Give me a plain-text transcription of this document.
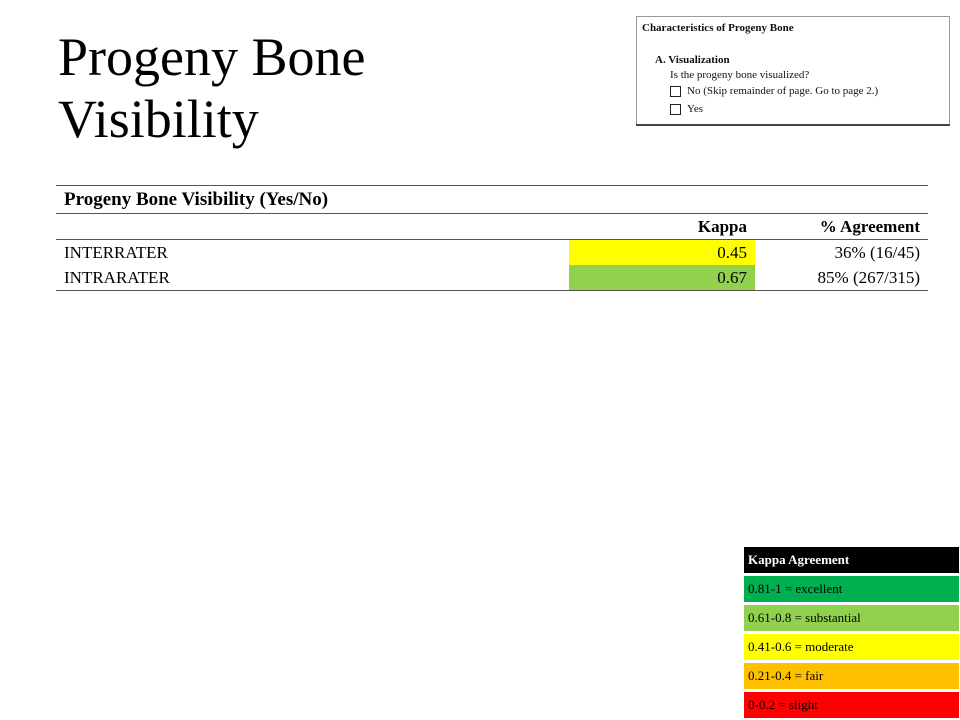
Progeny Bone Visibility
Characteristics of Progeny Bone
A. Visualization
Is the progeny bone visualized?
No (Skip remainder of page. Go to page 2.)
Yes
Progeny Bone Visibility (Yes/No)		
	Kappa	% Agreement
INTERRATER	0.45	36% (16/45)
INTRARATER	0.67	85% (267/315)
Kappa Agreement
0.81-1 = excellent
0.61-0.8 = substantial
0.41-0.6 = moderate
0.21-0.4 = fair
0-0.2 = slight
